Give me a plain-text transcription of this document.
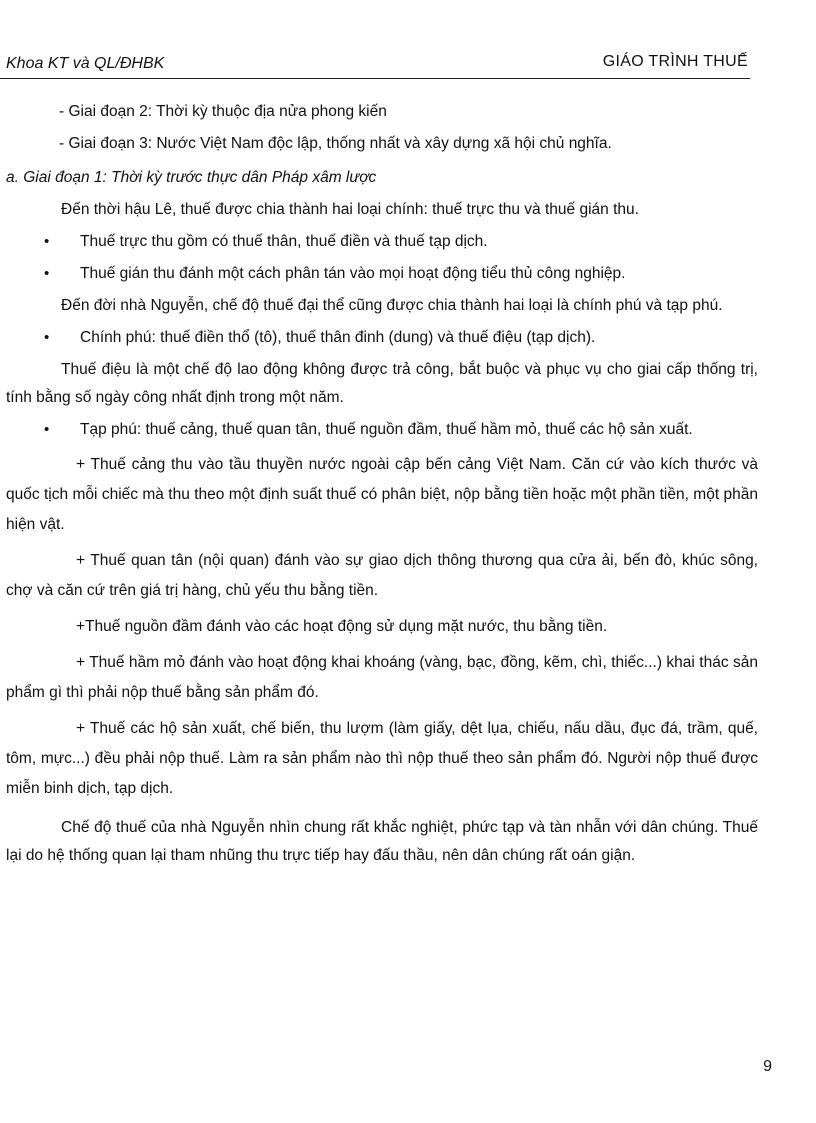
Khoa KT và QL/ĐHBK	GIÁO TRÌNH THUẾ

- Giai đoạn 2: Thời kỳ thuộc địa nửa phong kiến

- Giai đoạn 3: Nước Việt Nam độc lập, thống nhất và xây dựng xã hội chủ nghĩa.

a. Giai đoạn 1: Thời kỳ trước thực dân Pháp xâm lược

Đến thời hậu Lê, thuế được chia thành hai loại chính: thuế trực thu và thuế gián thu.

• Thuế trực thu gồm có thuế thân, thuế điền và thuế tạp dịch.
• Thuế gián thu đánh một cách phân tán vào mọi hoạt động tiểu thủ công nghiệp.

Đến đời nhà Nguyễn, chế độ thuế đại thể cũng được chia thành hai loại là chính phú và tạp phú.

• Chính phú: thuế điền thổ (tô), thuế thân đinh (dung) và thuế điệu (tạp dịch).

Thuế điệu là một chế độ lao động không được trả công, bắt buộc và phục vụ cho giai cấp thống trị, tính bằng số ngày công nhất định trong một năm.

• Tạp phú: thuế cảng, thuế quan tân, thuế nguồn đầm, thuế hầm mỏ, thuế các hộ sản xuất.

+ Thuế cảng thu vào tầu thuyền nước ngoài cập bến cảng Việt Nam. Căn cứ vào kích thước và quốc tịch mỗi chiếc mà thu theo một định suất thuế có phân biệt, nộp bằng tiền hoặc một phần tiền, một phần hiện vật.

+ Thuế quan tân (nội quan) đánh vào sự giao dịch thông thương qua cửa ải, bến đò, khúc sông, chợ và căn cứ trên giá trị hàng, chủ yếu thu bằng tiền.

+Thuế nguồn đầm đánh vào các hoạt động sử dụng mặt nước, thu bằng tiền.

+ Thuế hầm mỏ đánh vào hoạt động khai khoáng (vàng, bạc, đồng, kẽm, chì, thiếc...) khai thác sản phẩm gì thì phải nộp thuế bằng sản phẩm đó.

+ Thuế các hộ sản xuất, chế biến, thu lượm (làm giấy, dệt lụa, chiếu, nấu dầu, đục đá, trầm, quế, tôm, mực...) đều phải nộp thuế. Làm ra sản phẩm nào thì nộp thuế theo sản phẩm đó. Người nộp thuế được miễn binh dịch, tạp dịch.

Chế độ thuế của nhà Nguyễn nhìn chung rất khắc nghiệt, phức tạp và tàn nhẫn với dân chúng. Thuế lại do hệ thống quan lại tham nhũng thu trực tiếp hay đấu thầu, nên dân chúng rất oán giận.

9
